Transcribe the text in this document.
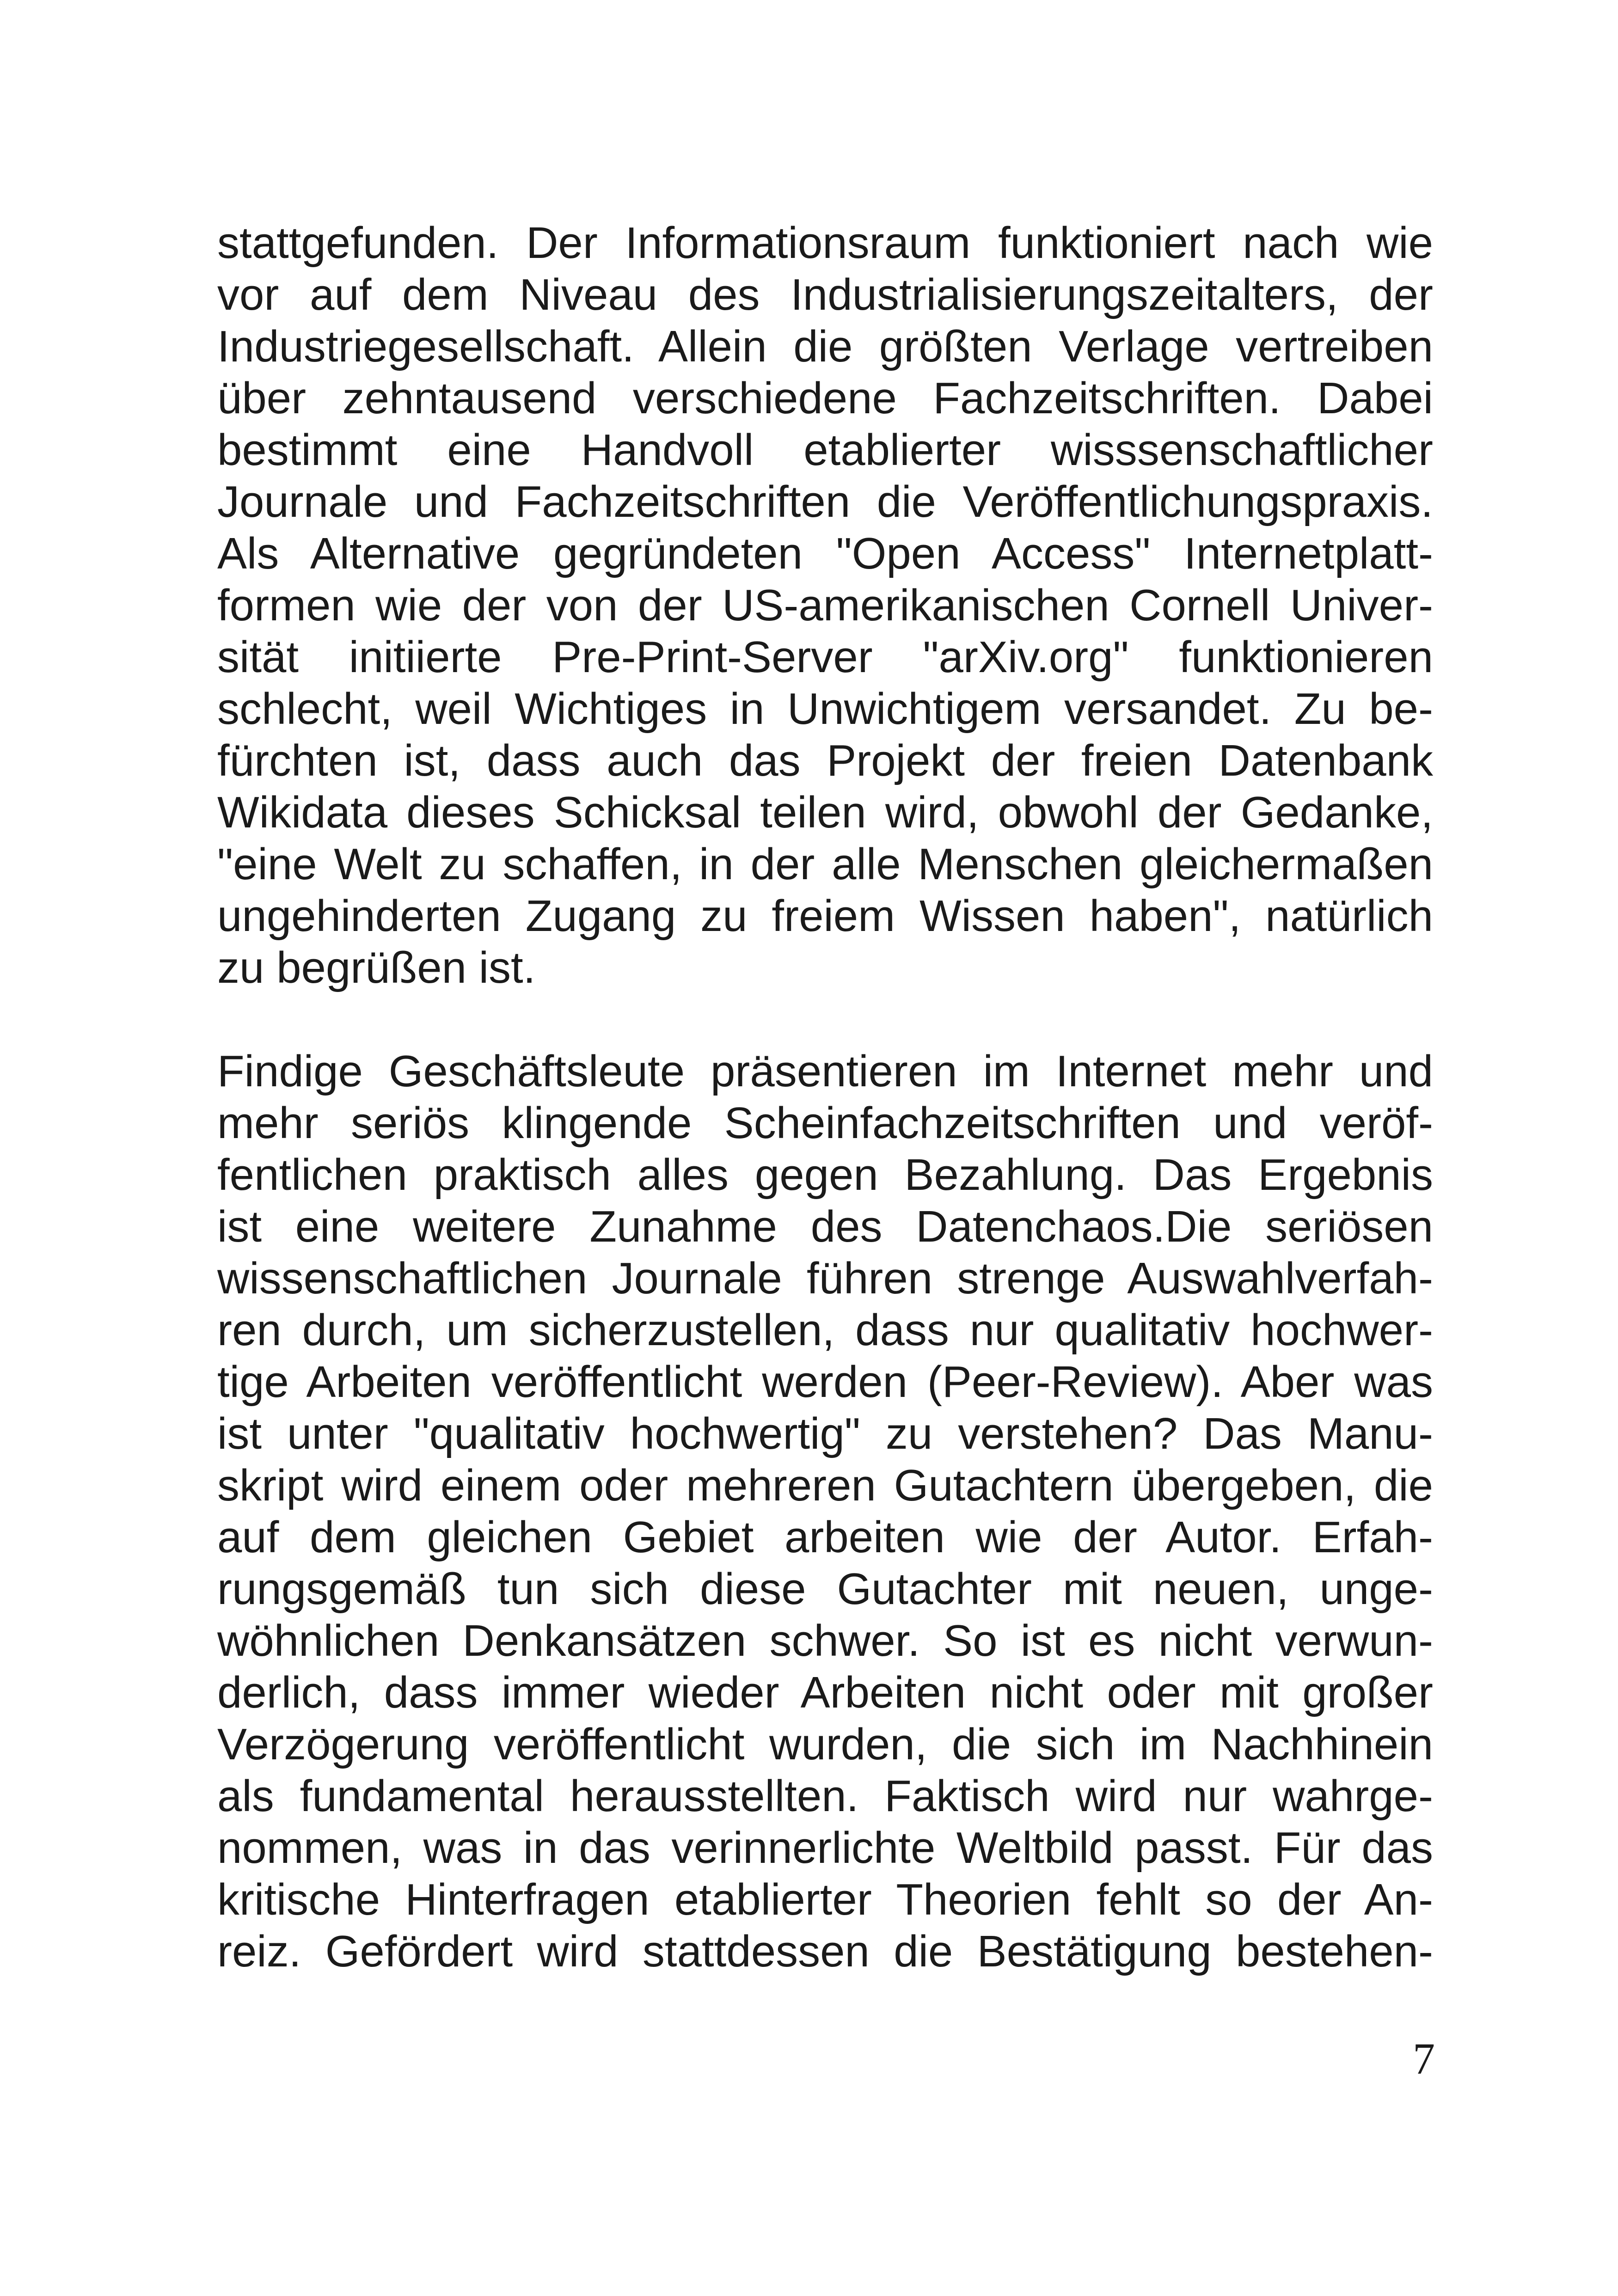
stattgefunden. Der Informationsraum funktioniert nach wie
vor auf dem Niveau des Industrialisierungszeitalters, der
Industriegesellschaft. Allein die größten Verlage vertreiben
über zehntausend verschiedene Fachzeitschriften. Dabei
bestimmt eine Handvoll etablierter wisssenschaftlicher
Journale und Fachzeitschriften die Veröffentlichungspraxis.
Als Alternative gegründeten "Open Access" Internetplatt-
formen wie der von der US-amerikanischen Cornell Univer-
sität initiierte Pre-Print-Server "arXiv.org" funktionieren
schlecht, weil Wichtiges in Unwichtigem versandet. Zu be-
fürchten ist, dass auch das Projekt der freien Datenbank
Wikidata dieses Schicksal teilen wird, obwohl der Gedanke,
"eine Welt zu schaffen, in der alle Menschen gleichermaßen
ungehinderten Zugang zu freiem Wissen haben", natürlich
zu begrüßen ist.

Findige Geschäftsleute präsentieren im Internet mehr und
mehr seriös klingende Scheinfachzeitschriften und veröf-
fentlichen praktisch alles gegen Bezahlung. Das Ergebnis
ist eine weitere Zunahme des Datenchaos.Die seriösen
wissenschaftlichen Journale führen strenge Auswahlverfah-
ren durch, um sicherzustellen, dass nur qualitativ hochwer-
tige Arbeiten veröffentlicht werden (Peer-Review). Aber was
ist unter "qualitativ hochwertig" zu verstehen? Das Manu-
skript wird einem oder mehreren Gutachtern übergeben, die
auf dem gleichen Gebiet arbeiten wie der Autor. Erfah-
rungsgemäß tun sich diese Gutachter mit neuen, unge-
wöhnlichen Denkansätzen schwer. So ist es nicht verwun-
derlich, dass immer wieder Arbeiten nicht oder mit großer
Verzögerung veröffentlicht wurden, die sich im Nachhinein
als fundamental herausstellten. Faktisch wird nur wahrge-
nommen, was in das verinnerlichte Weltbild passt. Für das
kritische Hinterfragen etablierter Theorien fehlt so der An-
reiz. Gefördert wird stattdessen die Bestätigung bestehen-

7
